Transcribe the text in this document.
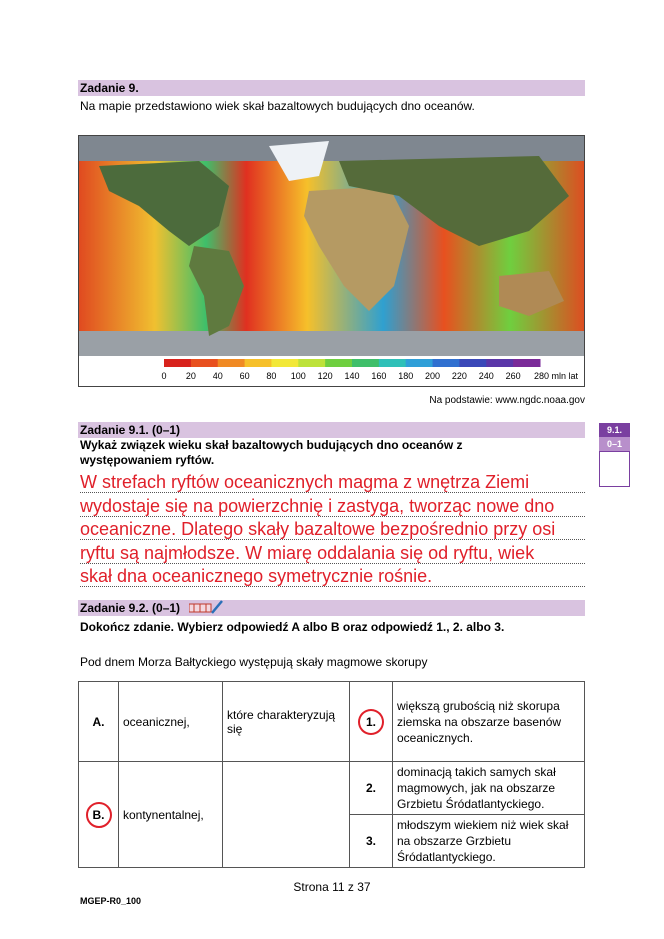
Zadanie 9.
Na mapie przedstawiono wiek skał bazaltowych budujących dno oceanów.
0 20 40 60 80 100 120 140 160 180 200 220 240 260 280 mln lat
Na podstawie: www.ngdc.noaa.gov
Zadanie 9.1. (0–1)
Wykaż związek wieku skał bazaltowych budujących dno oceanów z występowaniem ryftów.
9.1.
0–1
W strefach ryftów oceanicznych magma z wnętrza Ziemi
wydostaje się na powierzchnię i zastyga, tworząc nowe dno
oceaniczne. Dlatego skały bazaltowe bezpośrednio przy osi
ryftu są najmłodsze. W miarę oddalania się od ryftu, wiek
skał dna oceanicznego symetrycznie rośnie.
Zadanie 9.2. (0–1)
Dokończ zdanie. Wybierz odpowiedź A albo B oraz odpowiedź 1., 2. albo 3.
Pod dnem Morza Bałtyckiego występują skały magmowe skorupy
A.	oceanicznej,	które charakteryzują się	1.	większą grubością niż skorupa ziemska na obszarze basenów oceanicznych.

B.	kontynentalnej,		2.	dominacją takich samych skał magmowych, jak na obszarze Grzbietu Śródatlantyckiego.
			3.	młodszym wiekiem niż wiek skał na obszarze Grzbietu Śródatlantyckiego.
Strona 11 z 37
MGEP-R0_100
